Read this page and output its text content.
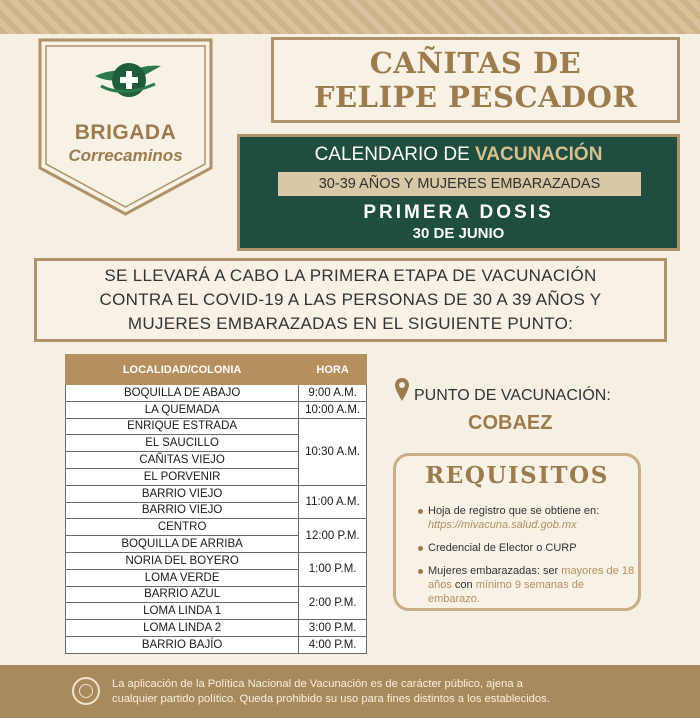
BRIGADA
Correcaminos
CAÑITAS DE
FELIPE PESCADOR
CALENDARIO DE VACUNACIÓN
30-39 AÑOS Y MUJERES EMBARAZADAS
PRIMERA DOSIS
30 DE JUNIO
SE LLEVARÁ A CABO LA PRIMERA ETAPA DE VACUNACIÓN
CONTRA EL COVID-19 A LAS PERSONAS DE 30 A 39 AÑOS Y
MUJERES EMBARAZADAS EN EL SIGUIENTE PUNTO:
LOCALIDAD/COLONIA	HORA
BOQUILLA DE ABAJO	9:00 A.M.
LA QUEMADA	10:00 A.M.
ENRIQUE ESTRADA	10:30 A.M.
EL SAUCILLO	
CAÑITAS VIEJO	
EL PORVENIR	
BARRIO VIEJO	11:00 A.M.
BARRIO VIEJO	
CENTRO	12:00 P.M.
BOQUILLA DE ARRIBA	
NORIA DEL BOYERO	1:00 P.M.
LOMA VERDE	
BARRIO AZUL	2:00 P.M.
LOMA LINDA 1	
LOMA LINDA 2	3:00 P.M.
BARRIO BAJÍO	4:00 P.M.
PUNTO DE VACUNACIÓN:
COBAEZ
REQUISITOS
Hoja de registro que se obtiene en: https://mivacuna.salud.gob.mx
Credencial de Elector o CURP
Mujeres embarazadas: ser mayores de 18 años con mínimo 9 semanas de embarazo.
La aplicación de la Política Nacional de Vacunación es de carácter público, ajena a
cualquier partido político. Queda prohibido su uso para fines distintos a los establecidos.
